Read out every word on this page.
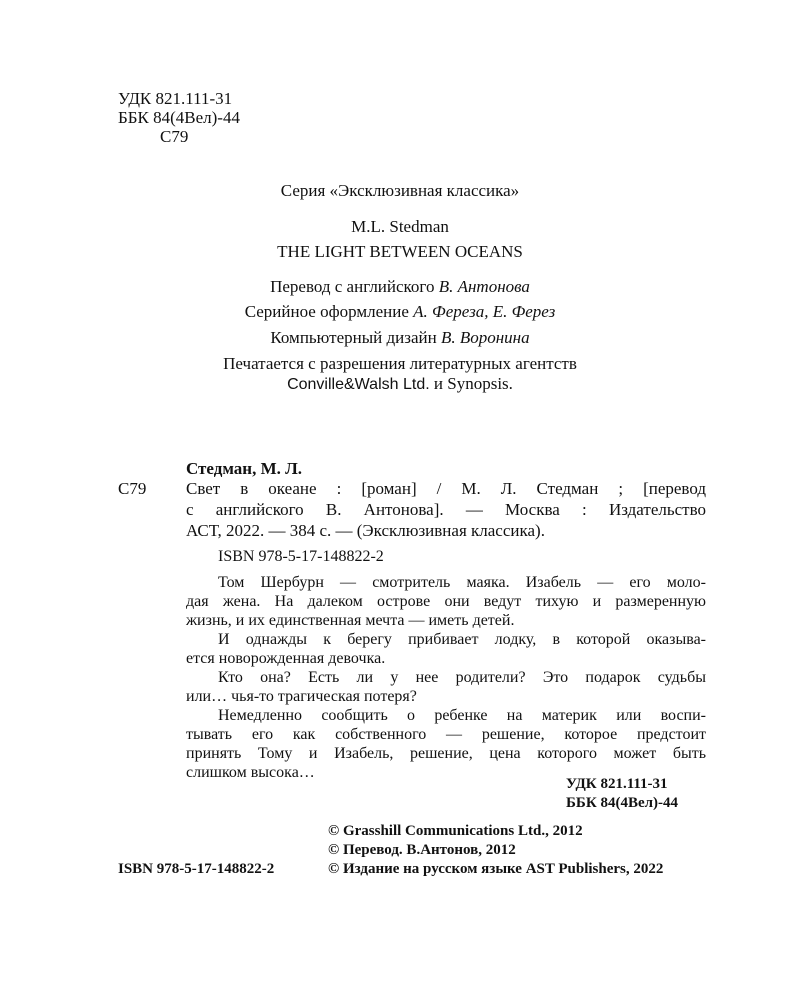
УДК 821.111-31
ББК 84(4Вел)-44
С79
Серия «Эксклюзивная классика»
M.L. Stedman
THE LIGHT BETWEEN OCEANS
Перевод с английского В. Антонова
Серийное оформление А. Фереза, Е. Ферез
Компьютерный дизайн В. Воронина
Печатается с разрешения литературных агентств
Conville&Walsh Ltd. и Synopsis.
Стедман, М. Л.
С79 Свет в океане : [роман] / М. Л. Стедман ; [перевод
с английского В. Антонова]. — Москва : Издательство
АСТ, 2022. — 384 с. — (Эксклюзивная классика).
ISBN 978-5-17-148822-2
Том Шербурн — смотритель маяка. Изабель — его моло-
дая жена. На далеком острове они ведут тихую и размеренную
жизнь, и их единственная мечта — иметь детей.
И однажды к берегу прибивает лодку, в которой оказыва-
ется новорожденная девочка.
Кто она? Есть ли у нее родители? Это подарок судьбы
или… чья-то трагическая потеря?
Немедленно сообщить о ребенке на материк или воспи-
тывать его как собственного — решение, которое предстоит
принять Тому и Изабель, решение, цена которого может быть
слишком высока…
УДК 821.111-31
ББК 84(4Вел)-44
© Grasshill Communications Ltd., 2012
© Перевод. В.Антонов, 2012
ISBN 978-5-17-148822-2	© Издание на русском языке AST Publishers, 2022
